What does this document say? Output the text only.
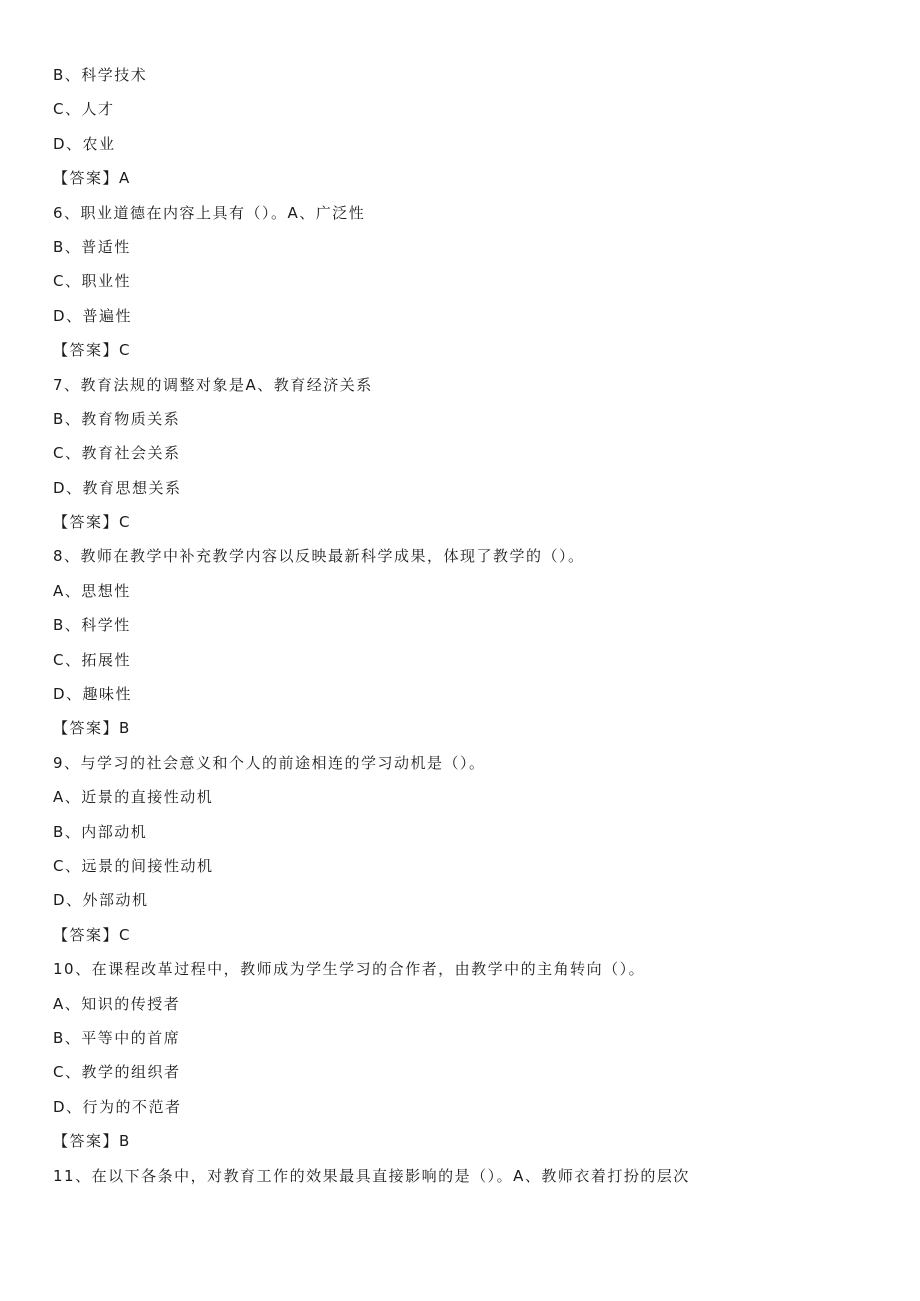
B、科学技术
C、人才
D、农业
【答案】A
6、职业道德在内容上具有（）。A、广泛性
B、普适性
C、职业性
D、普遍性
【答案】C
7、教育法规的调整对象是A、教育经济关系
B、教育物质关系
C、教育社会关系
D、教育思想关系
【答案】C
8、教师在教学中补充教学内容以反映最新科学成果，体现了教学的（）。
A、思想性
B、科学性
C、拓展性
D、趣味性
【答案】B
9、与学习的社会意义和个人的前途相连的学习动机是（）。
A、近景的直接性动机
B、内部动机
C、远景的间接性动机
D、外部动机
【答案】C
10、在课程改革过程中，教师成为学生学习的合作者，由教学中的主角转向（）。
A、知识的传授者
B、平等中的首席
C、教学的组织者
D、行为的不范者
【答案】B
11、在以下各条中，对教育工作的效果最具直接影响的是（）。A、教师衣着打扮的层次
